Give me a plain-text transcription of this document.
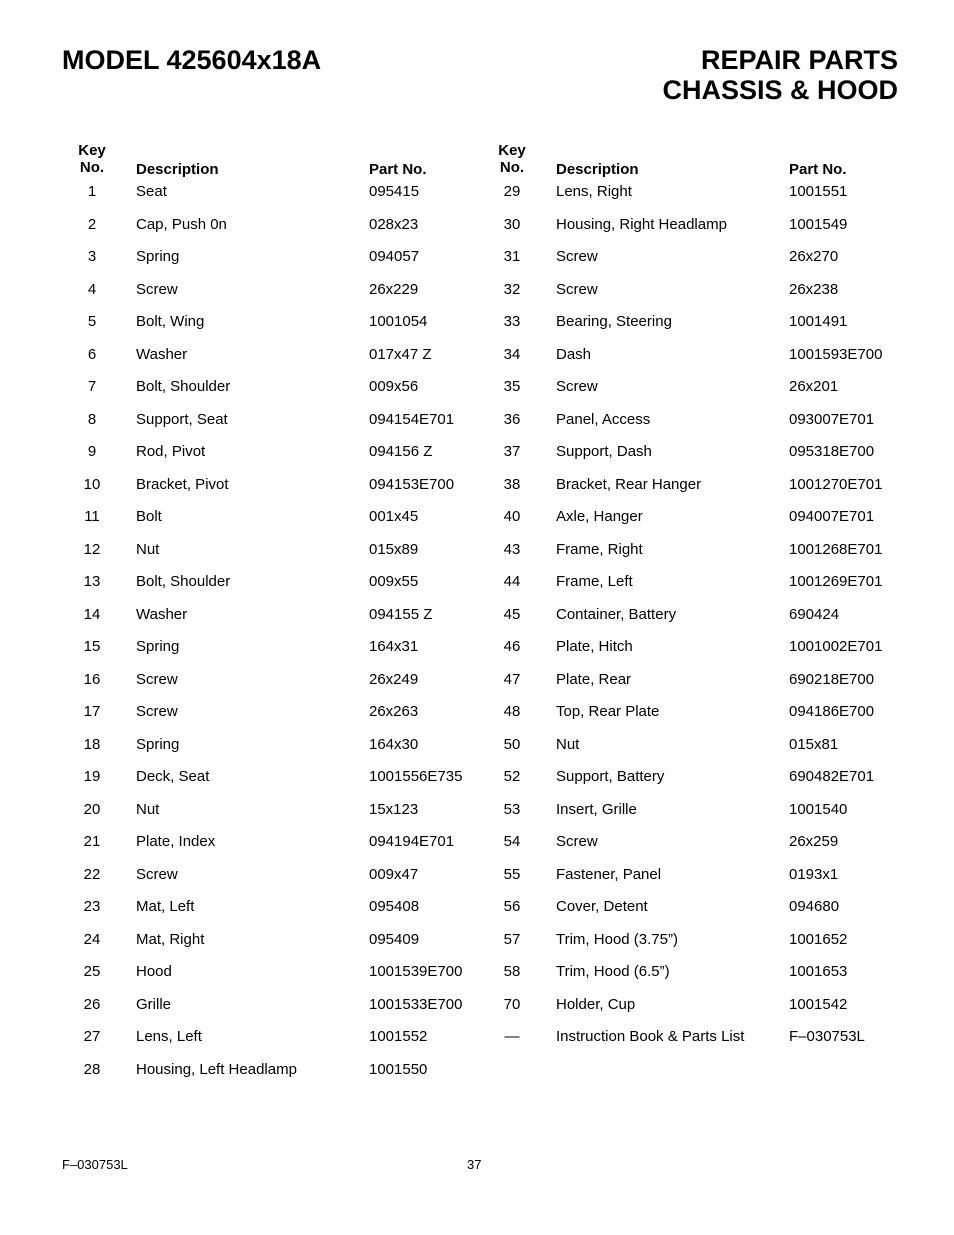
MODEL 425604x18A	REPAIR PARTS
CHASSIS & HOOD
Key
No.	Description	Part No.
1	Seat	095415
2	Cap, Push 0n	028x23
3	Spring	094057
4	Screw	26x229
5	Bolt, Wing	1001054
6	Washer	017x47 Z
7	Bolt, Shoulder	009x56
8	Support, Seat	094154E701
9	Rod, Pivot	094156 Z
10	Bracket, Pivot	094153E700
11	Bolt	001x45
12	Nut	015x89
13	Bolt, Shoulder	009x55
14	Washer	094155 Z
15	Spring	164x31
16	Screw	26x249
17	Screw	26x263
18	Spring	164x30
19	Deck, Seat	1001556E735
20	Nut	15x123
21	Plate, Index	094194E701
22	Screw	009x47
23	Mat, Left	095408
24	Mat, Right	095409
25	Hood	1001539E700
26	Grille	1001533E700
27	Lens, Left	1001552
28	Housing, Left Headlamp	1001550
Key
No.	Description	Part No.
29	Lens, Right	1001551
30	Housing, Right Headlamp	1001549
31	Screw	26x270
32	Screw	26x238
33	Bearing, Steering	1001491
34	Dash	1001593E700
35	Screw	26x201
36	Panel, Access	093007E701
37	Support, Dash	095318E700
38	Bracket, Rear Hanger	1001270E701
40	Axle, Hanger	094007E701
43	Frame, Right	1001268E701
44	Frame, Left	1001269E701
45	Container, Battery	690424
46	Plate, Hitch	1001002E701
47	Plate, Rear	690218E700
48	Top, Rear Plate	094186E700
50	Nut	015x81
52	Support, Battery	690482E701
53	Insert, Grille	1001540
54	Screw	26x259
55	Fastener, Panel	0193x1
56	Cover, Detent	094680
57	Trim, Hood (3.75”)	1001652
58	Trim, Hood (6.5”)	1001653
70	Holder, Cup	1001542
—	Instruction Book & Parts List	F–030753L
F–030753L	37
